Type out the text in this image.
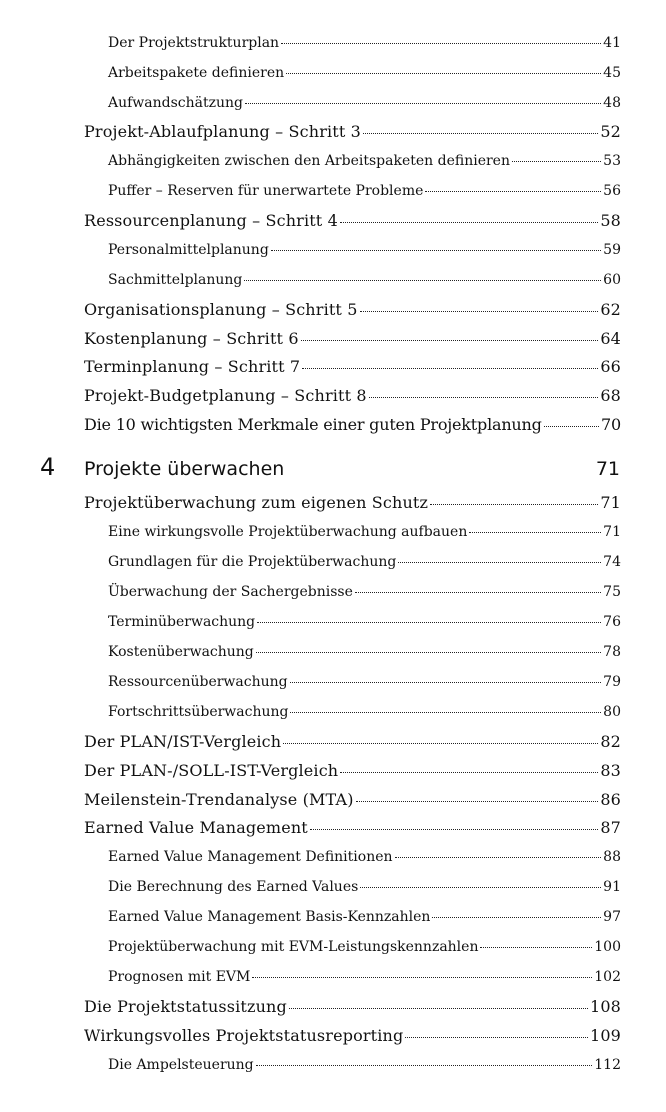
Der Projektstrukturplan	41
Arbeitspakete definieren	45
Aufwandschätzung	48
Projekt-Ablaufplanung – Schritt 3	52
Abhängigkeiten zwischen den Arbeitspaketen definieren	53
Puffer – Reserven für unerwartete Probleme	56
Ressourcenplanung – Schritt 4	58
Personalmittelplanung	59
Sachmittelplanung	60
Organisationsplanung – Schritt 5	62
Kostenplanung – Schritt 6	64
Terminplanung – Schritt 7	66
Projekt-Budgetplanung – Schritt 8	68
Die 10 wichtigsten Merkmale einer guten Projektplanung	70
4	Projekte überwachen	71
Projektüberwachung zum eigenen Schutz	71
Eine wirkungsvolle Projektüberwachung aufbauen	71
Grundlagen für die Projektüberwachung	74
Überwachung der Sachergebnisse	75
Terminüberwachung	76
Kostenüberwachung	78
Ressourcenüberwachung	79
Fortschrittsüberwachung	80
Der PLAN/IST-Vergleich	82
Der PLAN-/SOLL-IST-Vergleich	83
Meilenstein-Trendanalyse (MTA)	86
Earned Value Management	87
Earned Value Management Definitionen	88
Die Berechnung des Earned Values	91
Earned Value Management Basis-Kennzahlen	97
Projektüberwachung mit EVM-Leistungskennzahlen	100
Prognosen mit EVM	102
Die Projektstatussitzung	108
Wirkungsvolles Projektstatusreporting	109
Die Ampelsteuerung	112
